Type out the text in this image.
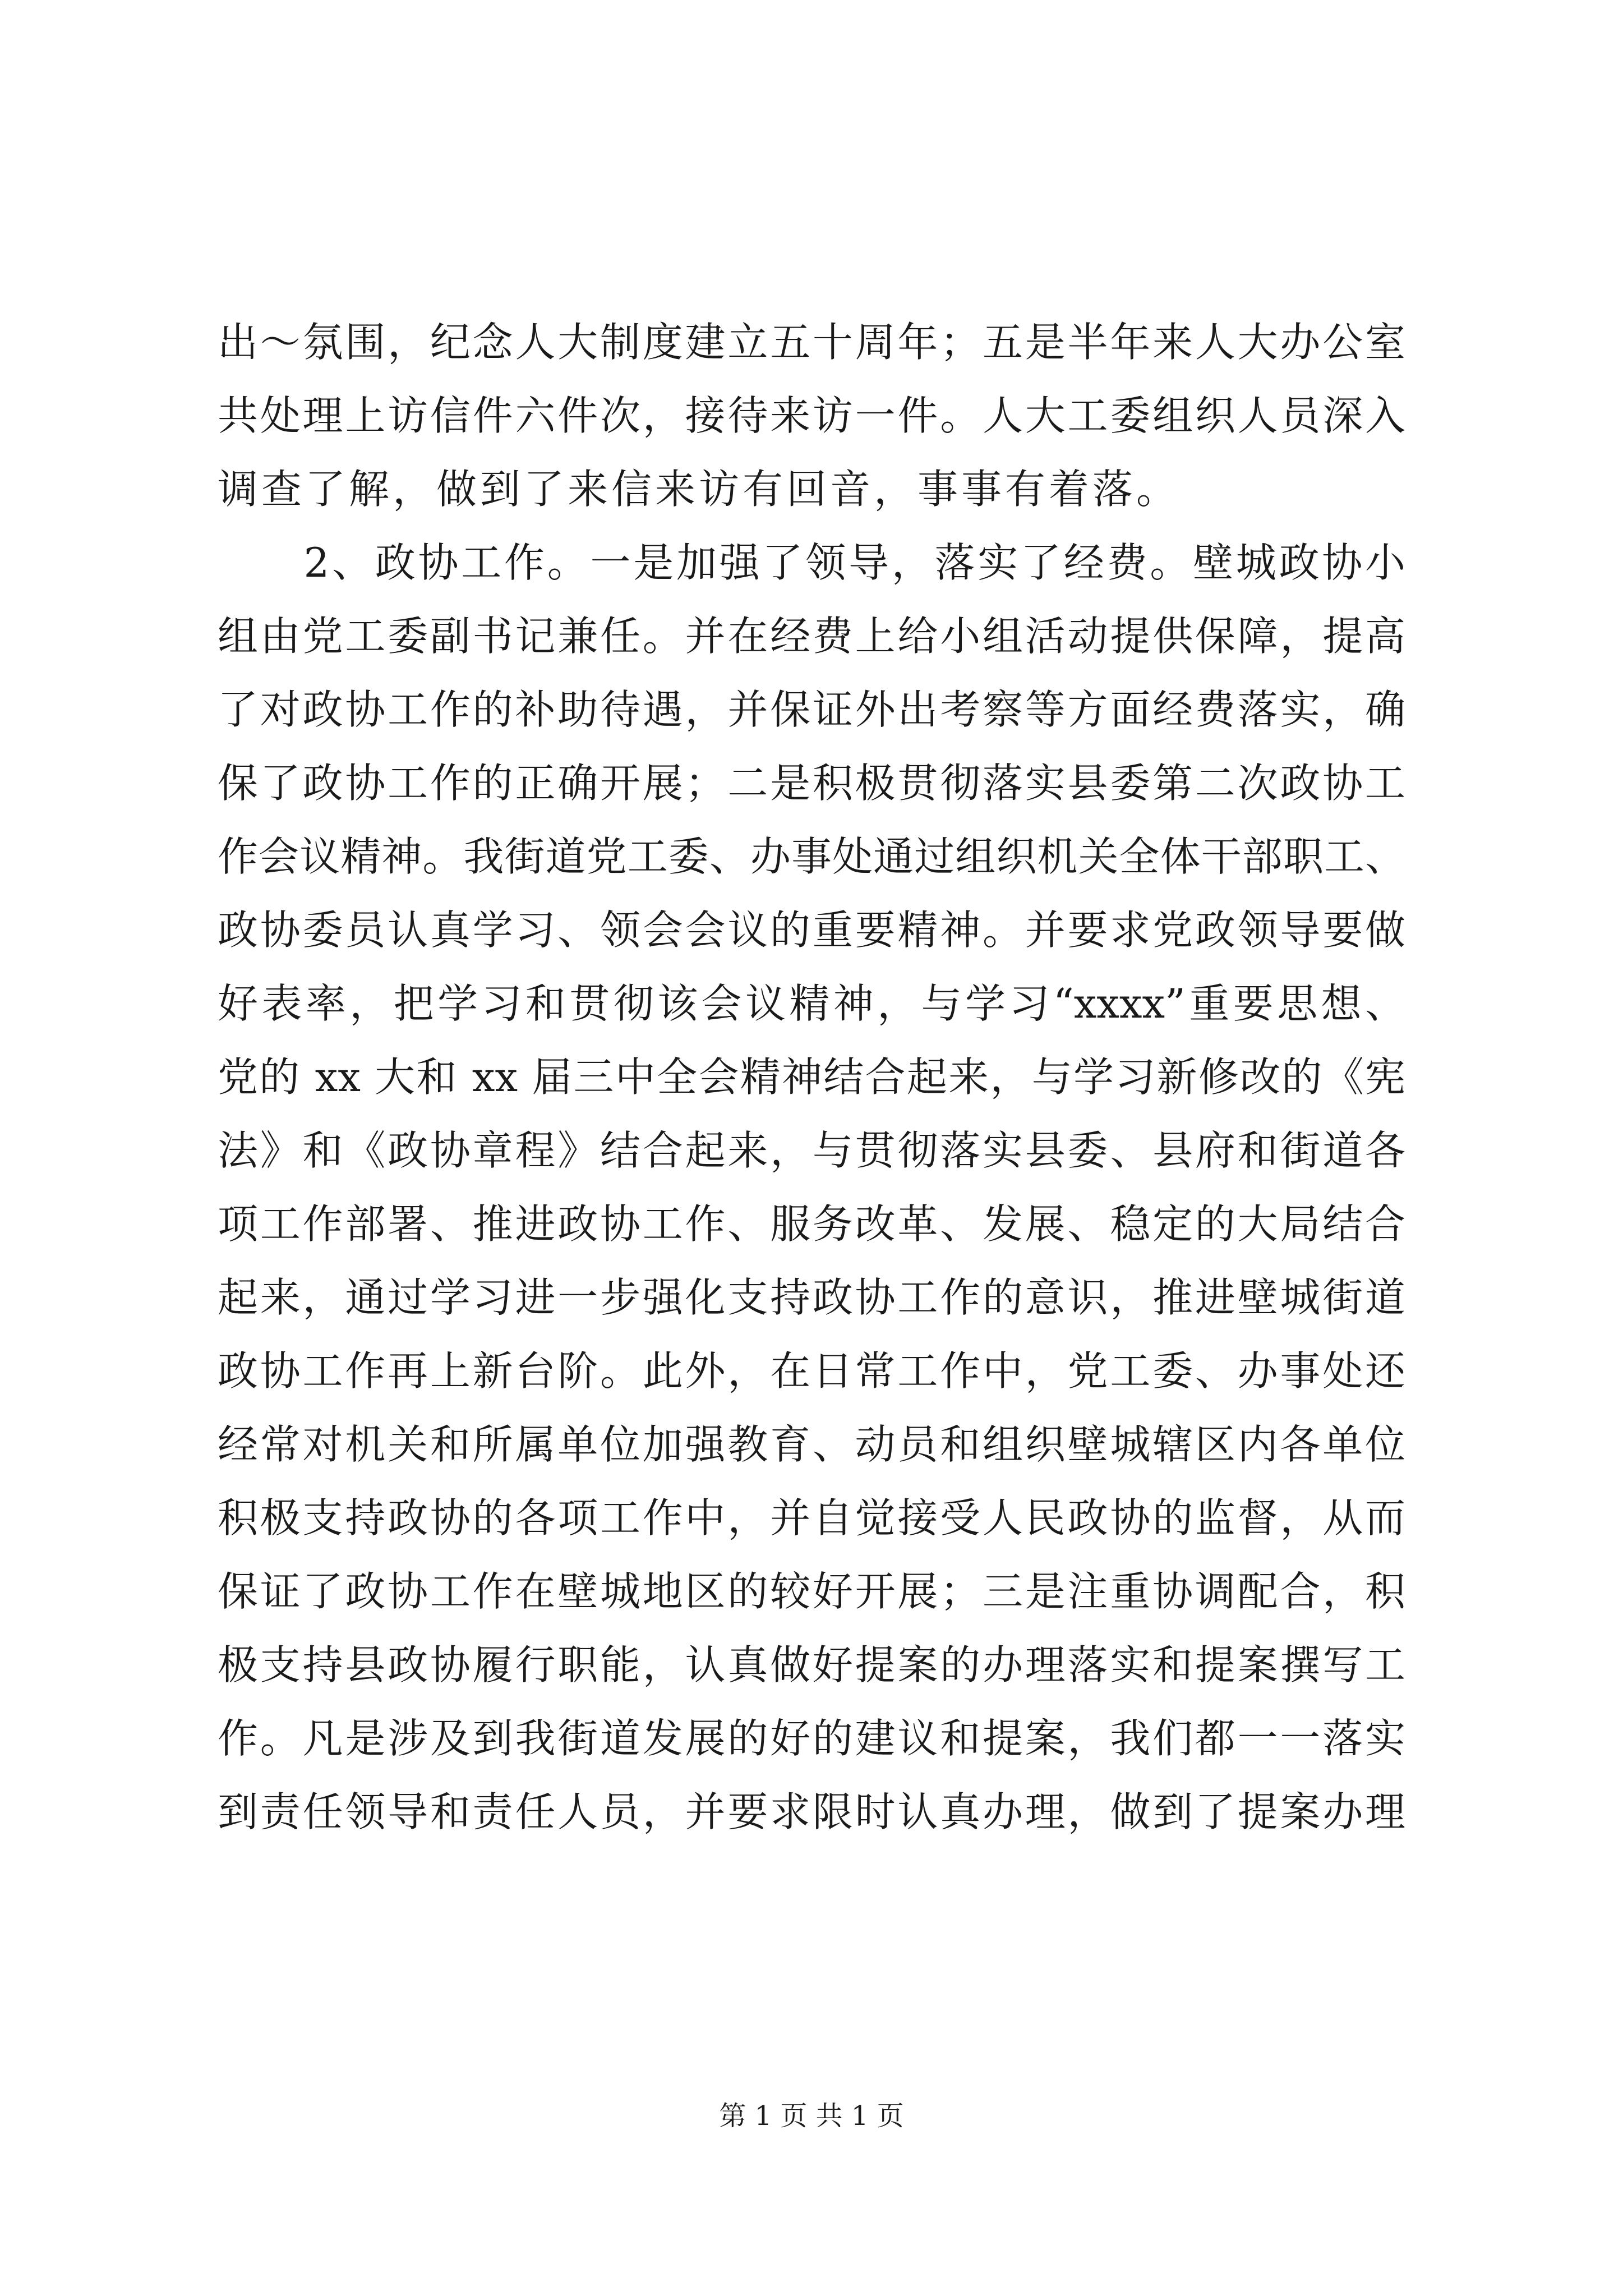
出～氛围，纪念人大制度建立五十周年；五是半年来人大办公室
共处理上访信件六件次，接待来访一件。人大工委组织人员深入
调查了解，做到了来信来访有回音，事事有着落。
　　2、政协工作。一是加强了领导，落实了经费。壁城政协小
组由党工委副书记兼任。并在经费上给小组活动提供保障，提高
了对政协工作的补助待遇，并保证外出考察等方面经费落实，确
保了政协工作的正确开展；二是积极贯彻落实县委第二次政协工
作会议精神。我街道党工委、办事处通过组织机关全体干部职工、
政协委员认真学习、领会会议的重要精神。并要求党政领导要做
好表率，把学习和贯彻该会议精神，与学习“xxxx”重要思想、
党的 xx 大和 xx 届三中全会精神结合起来，与学习新修改的《宪
法》和《政协章程》结合起来，与贯彻落实县委、县府和街道各
项工作部署、推进政协工作、服务改革、发展、稳定的大局结合
起来，通过学习进一步强化支持政协工作的意识，推进壁城街道
政协工作再上新台阶。此外，在日常工作中，党工委、办事处还
经常对机关和所属单位加强教育、动员和组织壁城辖区内各单位
积极支持政协的各项工作中，并自觉接受人民政协的监督，从而
保证了政协工作在壁城地区的较好开展；三是注重协调配合，积
极支持县政协履行职能，认真做好提案的办理落实和提案撰写工
作。凡是涉及到我街道发展的好的建议和提案，我们都一一落实
到责任领导和责任人员，并要求限时认真办理，做到了提案办理
第 1 页 共 1 页
